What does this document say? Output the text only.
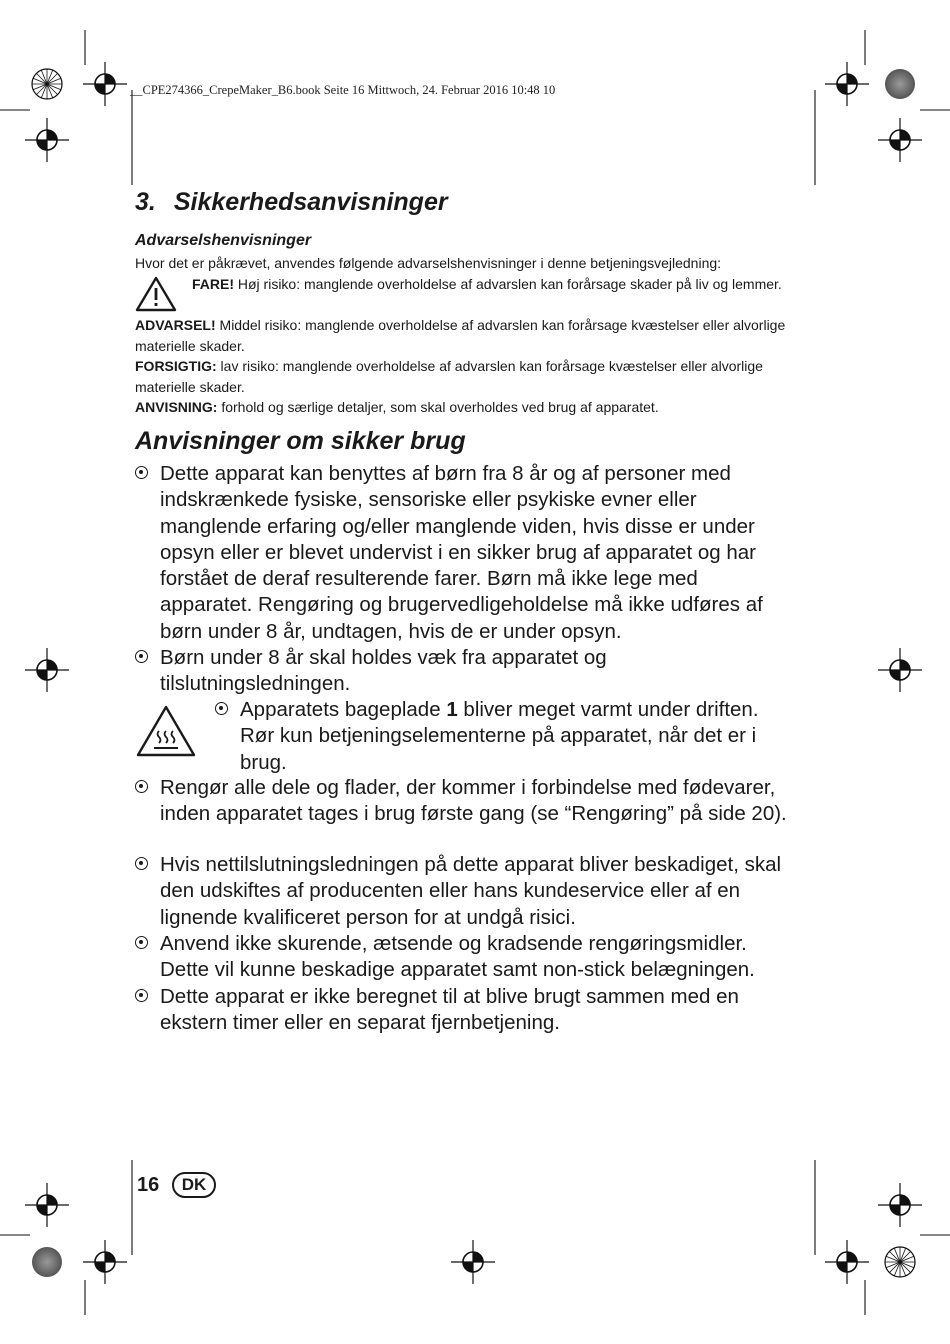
__CPE274366_CrepeMaker_B6.book Seite 16 Mittwoch, 24. Februar 2016 10:48 10
3. Sikkerhedsanvisninger
Advarselshenvisninger
Hvor det er påkrævet, anvendes følgende advarselshenvisninger i denne betjeningsvejledning:
FARE! Høj risiko: manglende overholdelse af advarslen kan forårsage skader på liv og lemmer.

ADVARSEL! Middel risiko: manglende overholdelse af advarslen kan forårsage kvæstelser eller alvorlige materielle skader.

FORSIGTIG: lav risiko: manglende overholdelse af advarslen kan forårsage kvæstelser eller alvorlige materielle skader.

ANVISNING: forhold og særlige detaljer, som skal overholdes ved brug af apparatet.

Anvisninger om sikker brug
Dette apparat kan benyttes af børn fra 8 år og af personer med indskrænkede fysiske, sensoriske eller psykiske evner eller manglende erfaring og/eller manglende viden, hvis disse er under opsyn eller er blevet undervist i en sikker brug af apparatet og har forstået de deraf resulterende farer. Børn må ikke lege med apparatet. Rengøring og brugervedligeholdelse må ikke udføres af børn under 8 år, undtagen, hvis de er under opsyn.
Børn under 8 år skal holdes væk fra apparatet og tilslutningsledningen.
Apparatets bageplade 1 bliver meget varmt under driften. Rør kun betjeningselementerne på apparatet, når det er i brug.
Rengør alle dele og flader, der kommer i forbindelse med fødevarer, inden apparatet tages i brug første gang (se “Rengøring” på side 20).
Hvis nettilslutningsledningen på dette apparat bliver beskadiget, skal den udskiftes af producenten eller hans kundeservice eller af en lignende kvalificeret person for at undgå risici.
Anvend ikke skurende, ætsende og kradsende rengøringsmidler. Dette vil kunne beskadige apparatet samt non-stick belægningen.
Dette apparat er ikke beregnet til at blive brugt sammen med en ekstern timer eller en separat fjernbetjening.
16	DK
